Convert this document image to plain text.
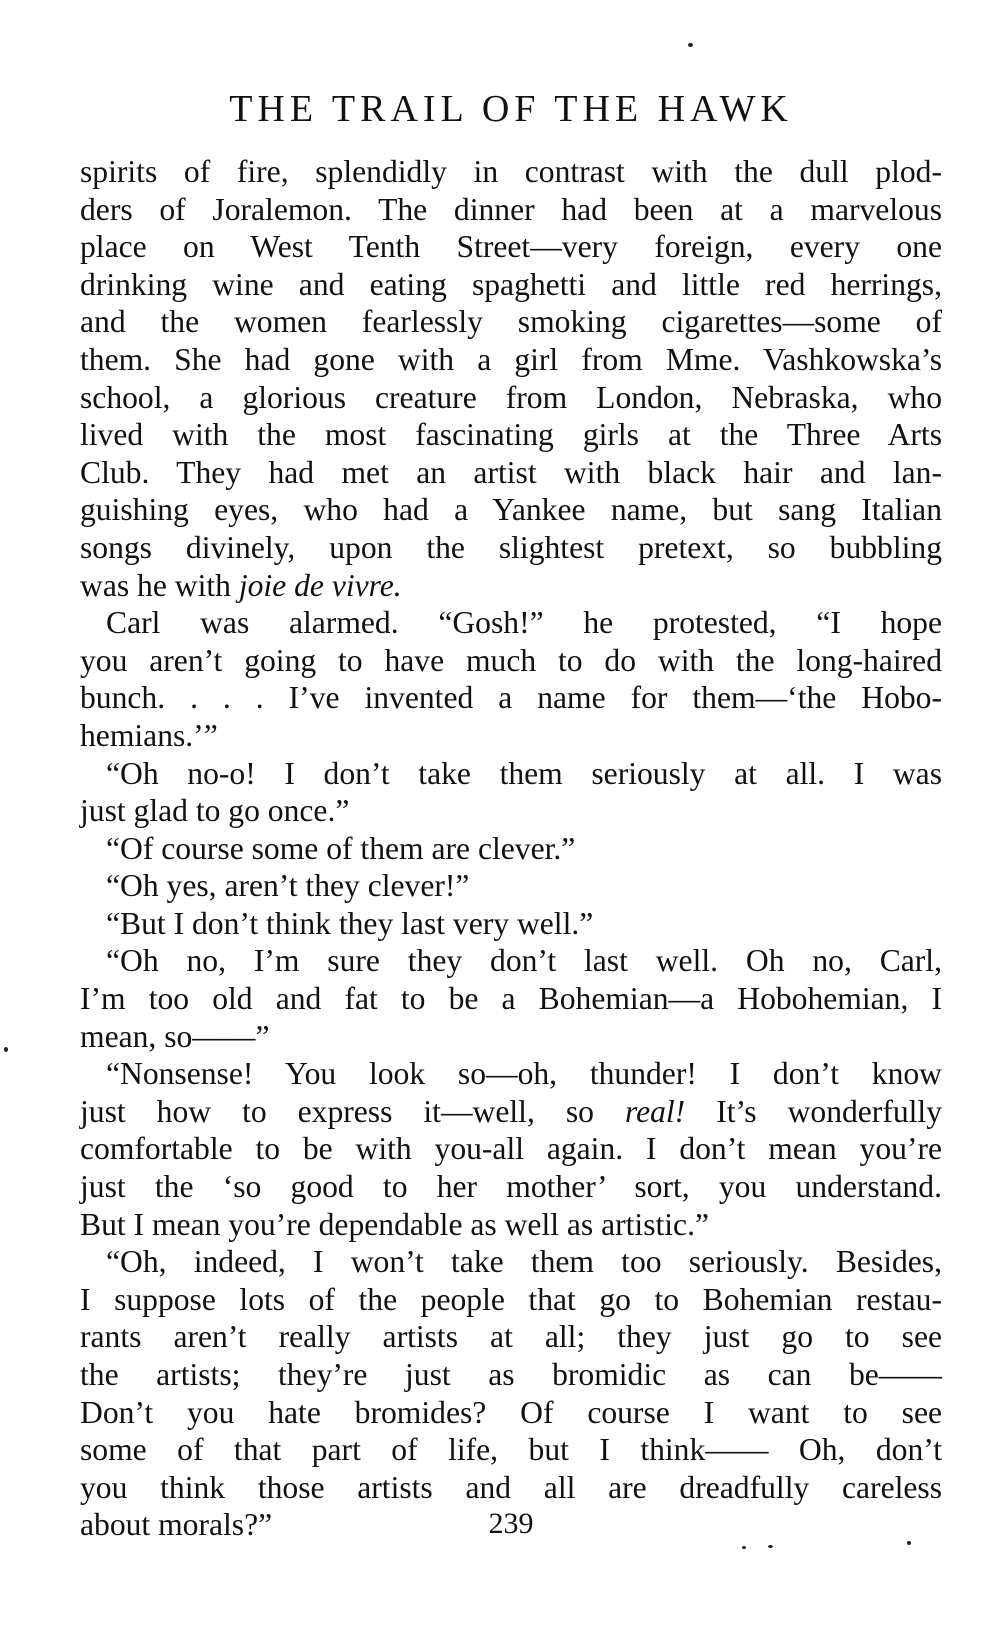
THE TRAIL OF THE HAWK
spirits of fire, splendidly in contrast with the dull plod-
ders of Joralemon. The dinner had been at a marvelous
place on West Tenth Street—very foreign, every one
drinking wine and eating spaghetti and little red herrings,
and the women fearlessly smoking cigarettes—some of
them. She had gone with a girl from Mme. Vashkowska’s
school, a glorious creature from London, Nebraska, who
lived with the most fascinating girls at the Three Arts
Club. They had met an artist with black hair and lan-
guishing eyes, who had a Yankee name, but sang Italian
songs divinely, upon the slightest pretext, so bubbling
was he with joie de vivre.
Carl was alarmed. “Gosh!” he protested, “I hope
you aren’t going to have much to do with the long-haired
bunch. . . . I’ve invented a name for them—‘the Hobo-
hemians.’”
“Oh no-o! I don’t take them seriously at all. I was
just glad to go once.”
“Of course some of them are clever.”
“Oh yes, aren’t they clever!”
“But I don’t think they last very well.”
“Oh no, I’m sure they don’t last well. Oh no, Carl,
I’m too old and fat to be a Bohemian—a Hobohemian, I
mean, so——”
“Nonsense! You look so—oh, thunder! I don’t know
just how to express it—well, so real! It’s wonderfully
comfortable to be with you-all again. I don’t mean you’re
just the ‘so good to her mother’ sort, you understand.
But I mean you’re dependable as well as artistic.”
“Oh, indeed, I won’t take them too seriously. Besides,
I suppose lots of the people that go to Bohemian restau-
rants aren’t really artists at all; they just go to see
the artists; they’re just as bromidic as can be——
Don’t you hate bromides? Of course I want to see
some of that part of life, but I think—— Oh, don’t
you think those artists and all are dreadfully careless
about morals?”	239
